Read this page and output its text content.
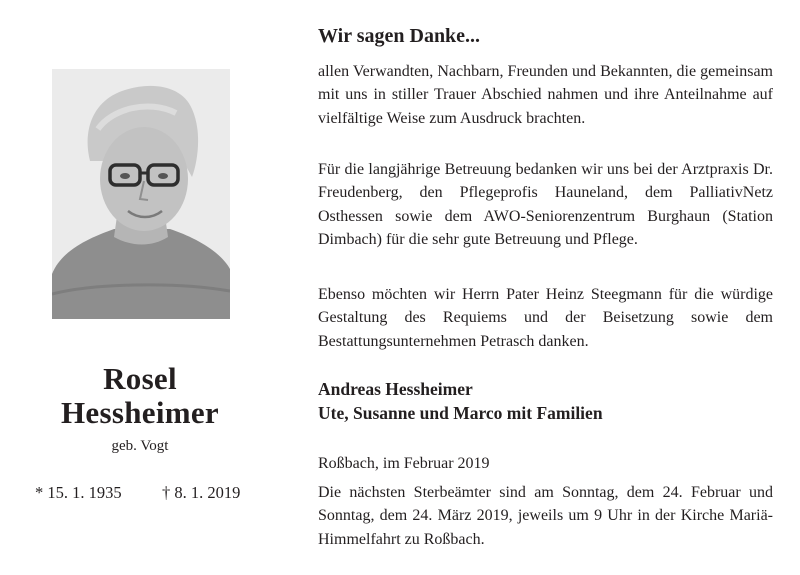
Rosel
Hessheimer
geb. Vogt
* 15. 1. 1935 † 8. 1. 2019
Wir sagen Danke...
allen Verwandten, Nachbarn, Freunden und Bekannten, die gemeinsam mit uns in stiller Trauer Abschied nahmen und ihre Anteilnahme auf vielfältige Weise zum Ausdruck brachten.
Für die langjährige Betreuung bedanken wir uns bei der Arztpraxis Dr. Freudenberg, den Pflegeprofis Hauneland, dem PalliativNetz Osthessen sowie dem AWO-Seniorenzentrum Burghaun (Station Dimbach) für die sehr gute Betreuung und Pflege.
Ebenso möchten wir Herrn Pater Heinz Steegmann für die würdige Gestaltung des Requiems und der Beisetzung sowie dem Bestattungsunternehmen Petrasch danken.
Andreas Hessheimer
Ute, Susanne und Marco mit Familien
Roßbach, im Februar 2019
Die nächsten Sterbeämter sind am Sonntag, dem 24. Februar und Sonntag, dem 24. März 2019, jeweils um 9 Uhr in der Kirche Mariä-Himmelfahrt zu Roßbach.
